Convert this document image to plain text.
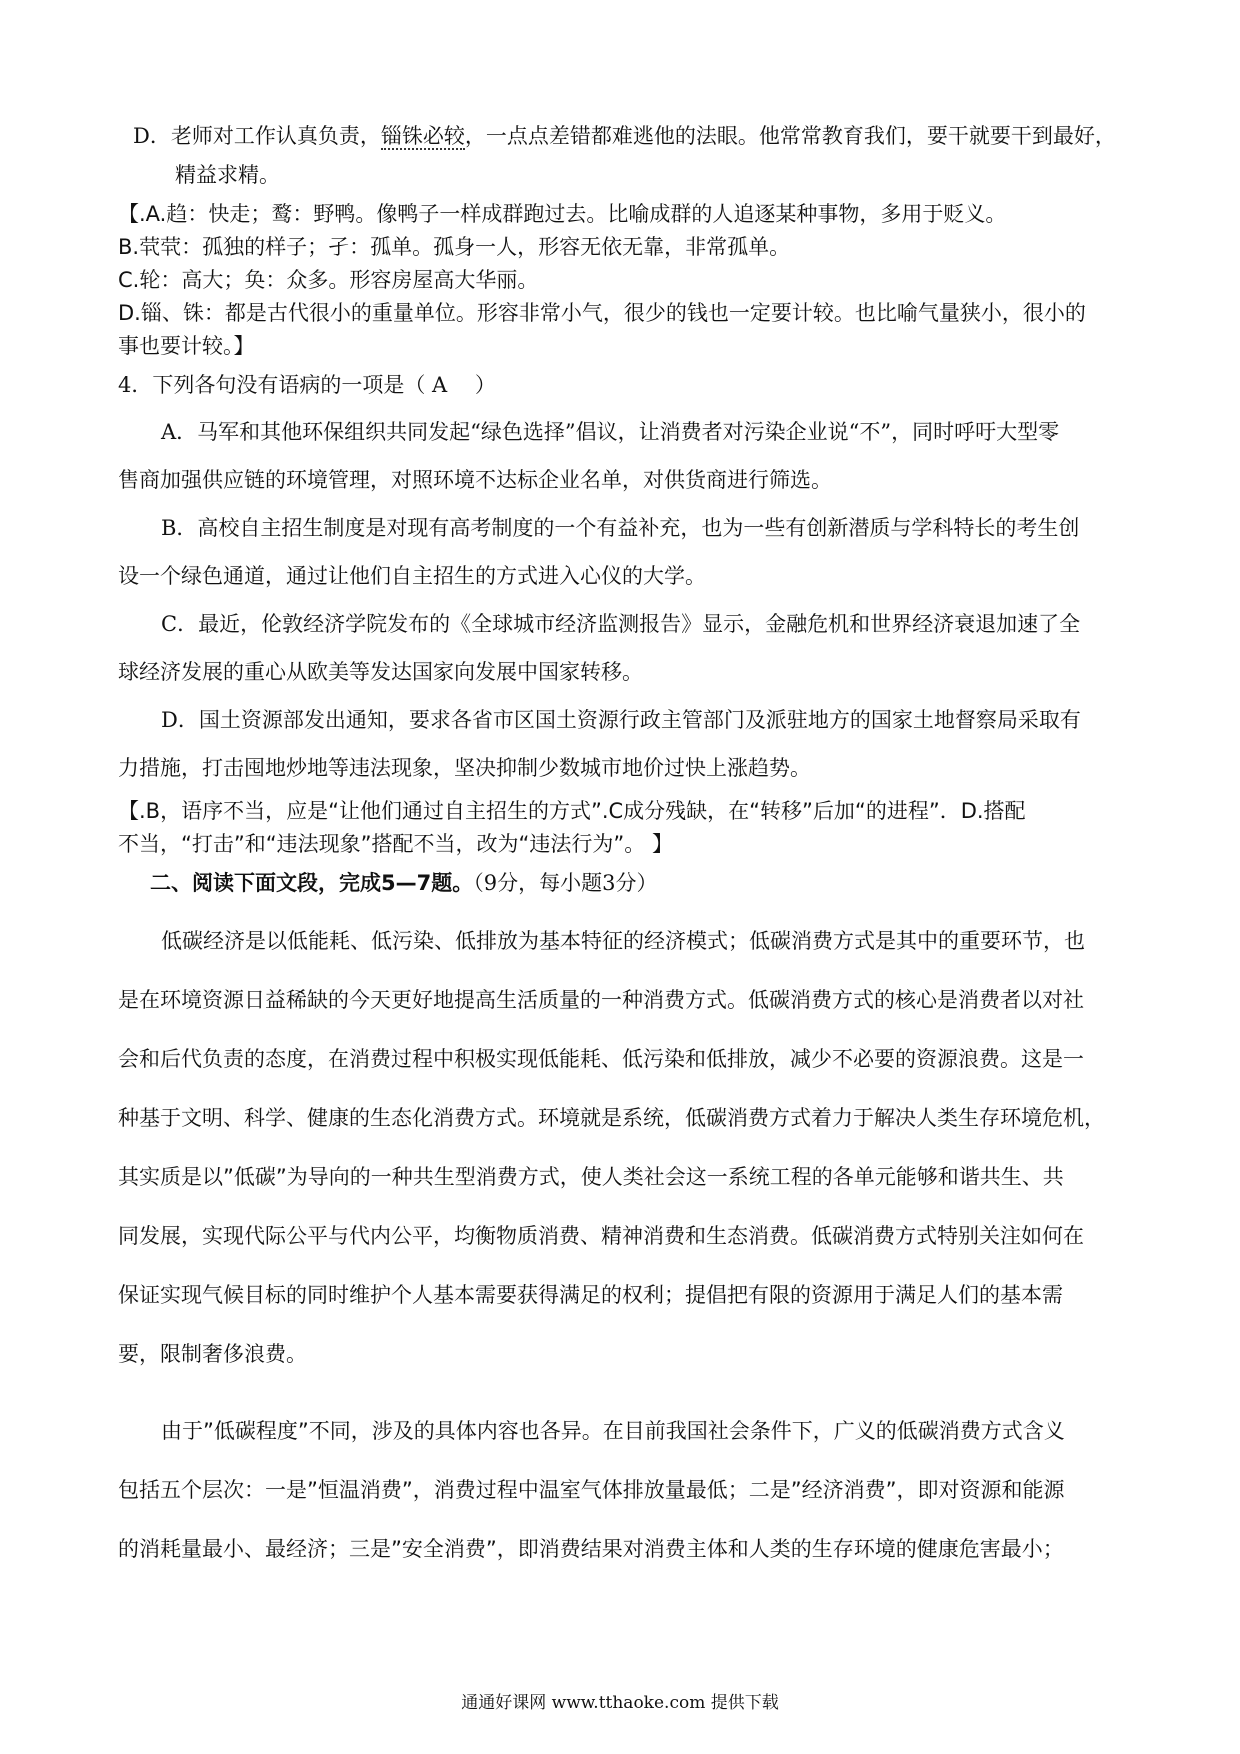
D．老师对工作认真负责，锱铢必较，一点点差错都难逃他的法眼。他常常教育我们，要干就要干到最好，
精益求精。
【.A.趋：快走；鹜：野鸭。像鸭子一样成群跑过去。比喻成群的人追逐某种事物，多用于贬义。
B.茕茕：孤独的样子；孑：孤单。孤身一人，形容无依无靠，非常孤单。
C.轮：高大；奂：众多。形容房屋高大华丽。
D.锱、铢：都是古代很小的重量单位。形容非常小气，很少的钱也一定要计较。也比喻气量狭小，很小的
事也要计较。】
4．下列各句没有语病的一项是（ A　 ）
A．马军和其他环保组织共同发起“绿色选择”倡议，让消费者对污染企业说“不”，同时呼吁大型零
售商加强供应链的环境管理，对照环境不达标企业名单，对供货商进行筛选。
B．高校自主招生制度是对现有高考制度的一个有益补充，也为一些有创新潜质与学科特长的考生创
设一个绿色通道，通过让他们自主招生的方式进入心仪的大学。
C．最近，伦敦经济学院发布的《全球城市经济监测报告》显示，金融危机和世界经济衰退加速了全
球经济发展的重心从欧美等发达国家向发展中国家转移。
D．国土资源部发出通知，要求各省市区国土资源行政主管部门及派驻地方的国家土地督察局采取有
力措施，打击囤地炒地等违法现象，坚决抑制少数城市地价过快上涨趋势。
【.B，语序不当，应是“让他们通过自主招生的方式”.C成分残缺，在“转移”后加“的进程”．D.搭配
不当，“打击”和“违法现象”搭配不当，改为“违法行为”。 】
二、阅读下面文段，完成5—7题。（9分，每小题3分）
低碳经济是以低能耗、低污染、低排放为基本特征的经济模式；低碳消费方式是其中的重要环节，也
是在环境资源日益稀缺的今天更好地提高生活质量的一种消费方式。低碳消费方式的核心是消费者以对社
会和后代负责的态度，在消费过程中积极实现低能耗、低污染和低排放，减少不必要的资源浪费。这是一
种基于文明、科学、健康的生态化消费方式。环境就是系统，低碳消费方式着力于解决人类生存环境危机，
其实质是以”低碳”为导向的一种共生型消费方式，使人类社会这一系统工程的各单元能够和谐共生、共
同发展，实现代际公平与代内公平，均衡物质消费、精神消费和生态消费。低碳消费方式特别关注如何在
保证实现气候目标的同时维护个人基本需要获得满足的权利；提倡把有限的资源用于满足人们的基本需
要，限制奢侈浪费。
由于”低碳程度”不同，涉及的具体内容也各异。在目前我国社会条件下，广义的低碳消费方式含义
包括五个层次：一是”恒温消费”，消费过程中温室气体排放量最低；二是”经济消费”，即对资源和能源
的消耗量最小、最经济；三是”安全消费”，即消费结果对消费主体和人类的生存环境的健康危害最小；
通通好课网 www.tthaoke.com 提供下载
